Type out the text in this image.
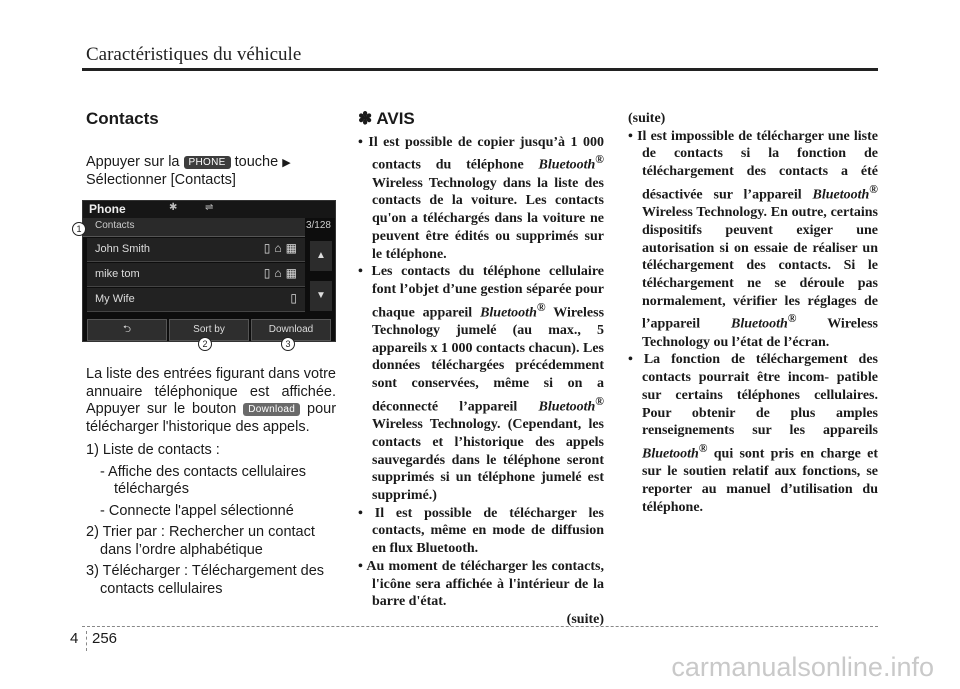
Caractéristiques du véhicule
Contacts

Appuyer sur la PHONE touche ▶
Sélectionner [Contacts]

Phone	✱	⇌
Contacts	3/128
John Smith	▯⌂▦
mike tom	▯⌂▦
My Wife	▯
▲
▼
⮌	Sort by	Download
1
2	3

La liste des entrées figurant dans votre annuaire téléphonique est affichée. Appuyer sur le bouton Download pour télécharger l'historique des appels.

1) Liste de contacts :

- Affiche des contacts cellulaires téléchargés

- Connecte l'appel sélectionné

2) Trier par : Rechercher un contact dans l’ordre alphabétique

3) Télécharger : Téléchargement des contacts cellulaires

✽ AVIS

• Il est possible de copier jusqu’à 1 000 contacts du téléphone Bluetooth® Wireless Technology dans la liste des contacts de la voiture. Les contacts qu'on a téléchargés dans la voiture ne peuvent être édités ou supprimés sur le téléphone.

• Les contacts du téléphone cellulaire font l’objet d’une gestion séparée pour chaque appareil Bluetooth® Wireless Technology jumelé (au max., 5 appareils x 1 000 contacts chacun). Les données téléchargées précédemment sont conservées, même si on a déconnecté l’appareil Bluetooth® Wireless Technology. (Cependant, les contacts et l’historique des appels sauvegardés dans le téléphone seront supprimés si un téléphone jumelé est supprimé.)

• Il est possible de télécharger les contacts, même en mode de diffusion en flux Bluetooth.

• Au moment de télécharger les contacts, l'icône sera affichée à l'intérieur de la barre d'état.

(suite)

(suite)

• Il est impossible de télécharger une liste de contacts si la fonction de téléchargement des contacts a été désactivée sur l’appareil Bluetooth® Wireless Technology. En outre, certains dispositifs peuvent exiger une autorisation si on essaie de réaliser un téléchargement des contacts. Si le téléchargement ne se déroule pas normalement, vérifier les réglages de l’appareil Bluetooth® Wireless Technology ou l’état de l’écran.

• La fonction de téléchargement des contacts pourrait être incom- patible sur certains téléphones cellulaires. Pour obtenir de plus amples renseignements sur les appareils Bluetooth® qui sont pris en charge et sur le soutien relatif aux fonctions, se reporter au manuel d’utilisation du téléphone.

4 256
carmanualsonline.info
